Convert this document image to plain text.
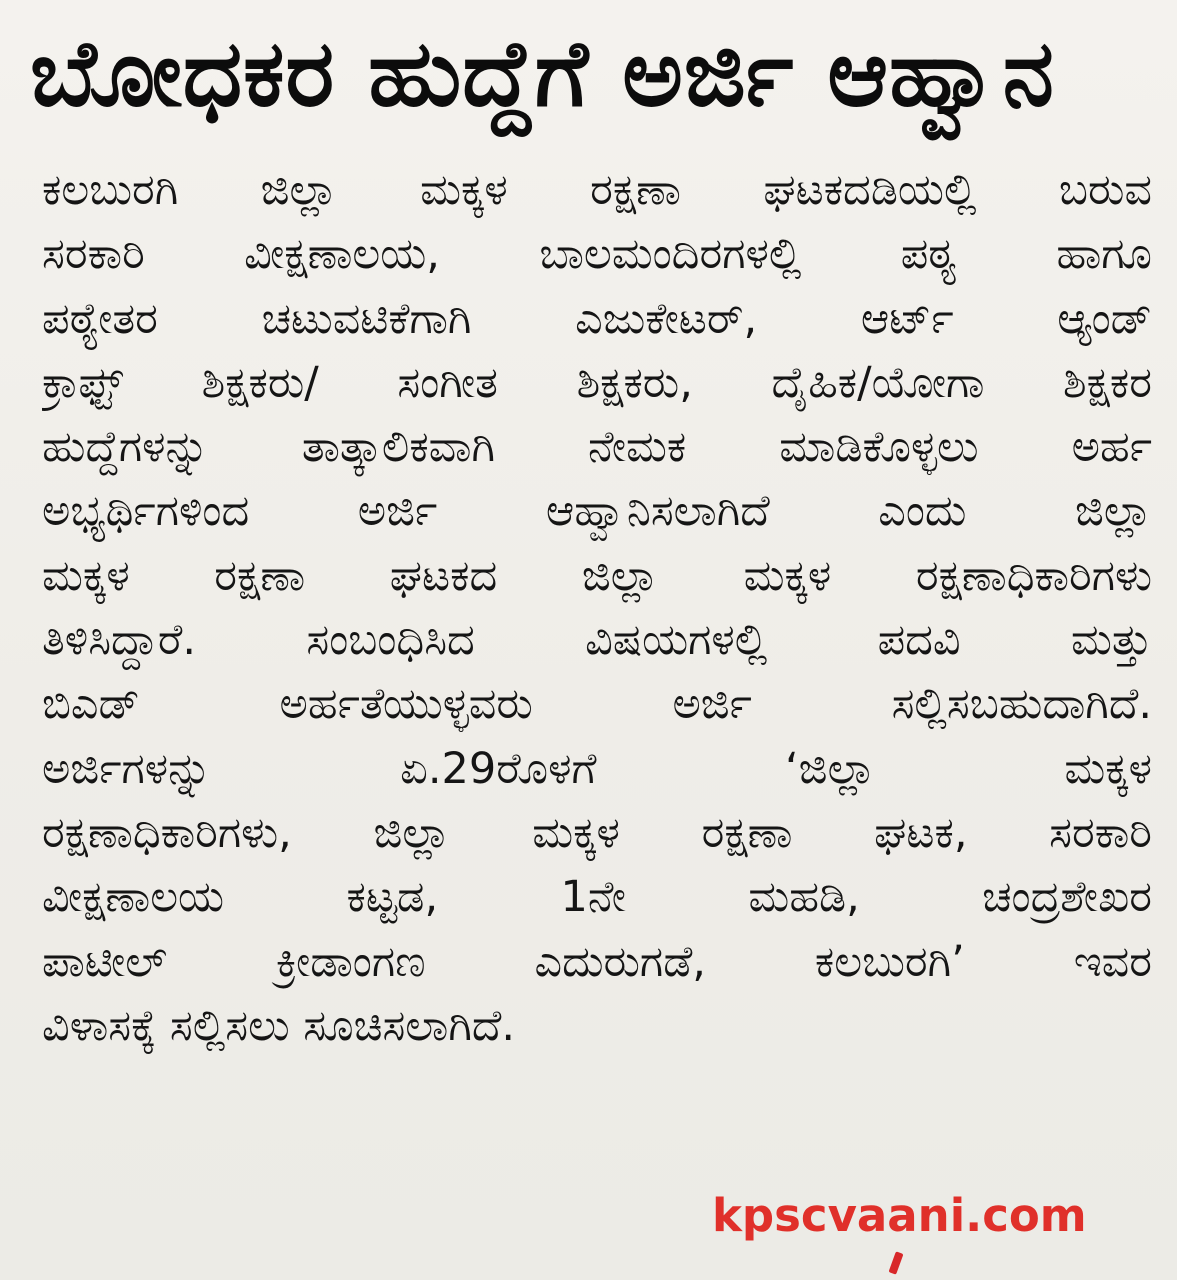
ಬೋಧಕರ ಹುದ್ದೆಗೆ ಅರ್ಜಿ ಆಹ್ವಾನ
ಕಲಬುರಗಿ ಜಿಲ್ಲಾ ಮಕ್ಕಳ ರಕ್ಷಣಾ ಘಟಕದಡಿಯಲ್ಲಿ ಬರುವ
ಸರಕಾರಿ ವೀಕ್ಷಣಾಲಯ, ಬಾಲಮಂದಿರಗಳಲ್ಲಿ ಪಠ್ಯ ಹಾಗೂ
ಪಠ್ಯೇತರ ಚಟುವಟಿಕೆಗಾಗಿ ಎಜುಕೇಟರ್, ಆರ್ಟ್ ಆ್ಯಂಡ್
ಕ್ರಾಫ್ಟ್ ಶಿಕ್ಷಕರು/ ಸಂಗೀತ ಶಿಕ್ಷಕರು, ದೈಹಿಕ/ಯೋಗಾ ಶಿಕ್ಷಕರ
ಹುದ್ದೆಗಳನ್ನು ತಾತ್ಕಾಲಿಕವಾಗಿ ನೇಮಕ ಮಾಡಿಕೊಳ್ಳಲು ಅರ್ಹ
ಅಭ್ಯರ್ಥಿಗಳಿಂದ ಅರ್ಜಿ ಆಹ್ವಾನಿಸಲಾಗಿದೆ ಎಂದು ಜಿಲ್ಲಾ
ಮಕ್ಕಳ ರಕ್ಷಣಾ ಘಟಕದ ಜಿಲ್ಲಾ ಮಕ್ಕಳ ರಕ್ಷಣಾಧಿಕಾರಿಗಳು
ತಿಳಿಸಿದ್ದಾರೆ. ಸಂಬಂಧಿಸಿದ ವಿಷಯಗಳಲ್ಲಿ ಪದವಿ ಮತ್ತು
ಬಿಎಡ್ ಅರ್ಹತೆಯುಳ್ಳವರು ಅರ್ಜಿ ಸಲ್ಲಿಸಬಹುದಾಗಿದೆ.
ಅರ್ಜಿಗಳನ್ನು ಏ.29ರೊಳಗೆ ‘ಜಿಲ್ಲಾ ಮಕ್ಕಳ
ರಕ್ಷಣಾಧಿಕಾರಿಗಳು, ಜಿಲ್ಲಾ ಮಕ್ಕಳ ರಕ್ಷಣಾ ಘಟಕ, ಸರಕಾರಿ
ವೀಕ್ಷಣಾಲಯ ಕಟ್ಟಡ, 1ನೇ ಮಹಡಿ, ಚಂದ್ರಶೇಖರ
ಪಾಟೀಲ್ ಕ್ರೀಡಾಂಗಣ ಎದುರುಗಡೆ, ಕಲಬುರಗಿ’ ಇವರ
ವಿಳಾಸಕ್ಕೆ ಸಲ್ಲಿಸಲು ಸೂಚಿಸಲಾಗಿದೆ.
kpscvaani.com
